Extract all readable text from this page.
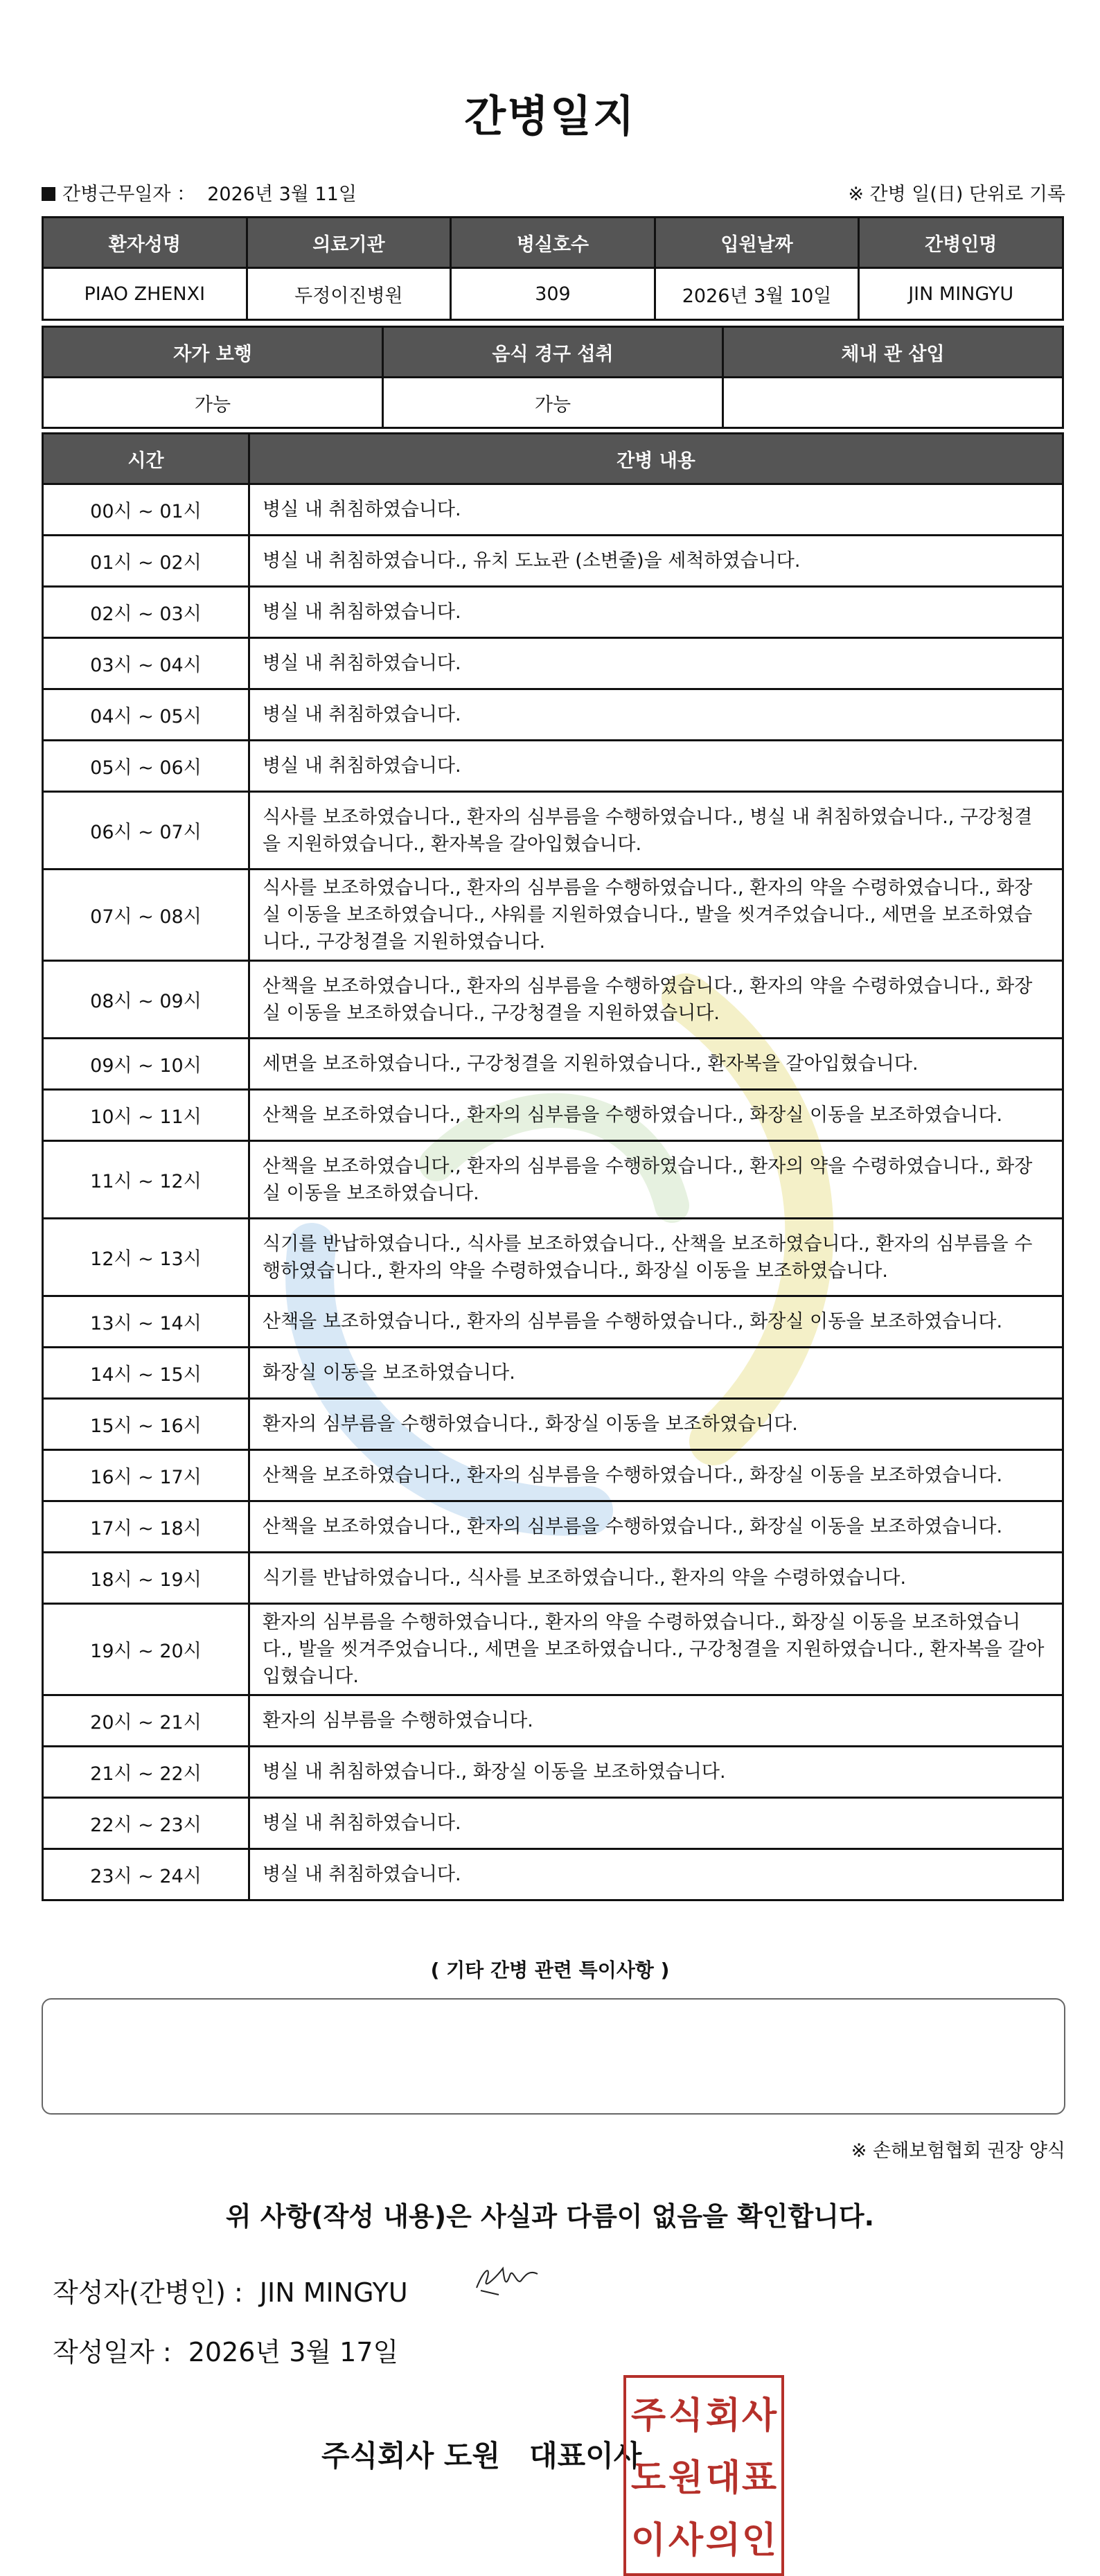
간병일지
간병근무일자 ： 2026년 3월 11일	※ 간병 일(日) 단위로 기록
환자성명	의료기관	병실호수	입원날짜	간병인명
PIAO ZHENXI	두정이진병원	309	2026년 3월 10일	JIN MINGYU
자가 보행	음식 경구 섭취	체내 관 삽입
가능	가능	
시간	간병 내용
00시 ~ 01시	병실 내 취침하였습니다.
01시 ~ 02시	병실 내 취침하였습니다., 유치 도뇨관 (소변줄)을 세척하였습니다.
02시 ~ 03시	병실 내 취침하였습니다.
03시 ~ 04시	병실 내 취침하였습니다.
04시 ~ 05시	병실 내 취침하였습니다.
05시 ~ 06시	병실 내 취침하였습니다.
06시 ~ 07시	식사를 보조하였습니다., 환자의 심부름을 수행하였습니다., 병실 내 취침하였습니다., 구강청결을 지원하였습니다., 환자복을 갈아입혔습니다.
07시 ~ 08시	식사를 보조하였습니다., 환자의 심부름을 수행하였습니다., 환자의 약을 수령하였습니다., 화장실 이동을 보조하였습니다., 샤워를 지원하였습니다., 발을 씻겨주었습니다., 세면을 보조하였습니다., 구강청결을 지원하였습니다.
08시 ~ 09시	산책을 보조하였습니다., 환자의 심부름을 수행하였습니다., 환자의 약을 수령하였습니다., 화장실 이동을 보조하였습니다., 구강청결을 지원하였습니다.
09시 ~ 10시	세면을 보조하였습니다., 구강청결을 지원하였습니다., 환자복을 갈아입혔습니다.
10시 ~ 11시	산책을 보조하였습니다., 환자의 심부름을 수행하였습니다., 화장실 이동을 보조하였습니다.
11시 ~ 12시	산책을 보조하였습니다., 환자의 심부름을 수행하였습니다., 환자의 약을 수령하였습니다., 화장실 이동을 보조하였습니다.
12시 ~ 13시	식기를 반납하였습니다., 식사를 보조하였습니다., 산책을 보조하였습니다., 환자의 심부름을 수행하였습니다., 환자의 약을 수령하였습니다., 화장실 이동을 보조하였습니다.
13시 ~ 14시	산책을 보조하였습니다., 환자의 심부름을 수행하였습니다., 화장실 이동을 보조하였습니다.
14시 ~ 15시	화장실 이동을 보조하였습니다.
15시 ~ 16시	환자의 심부름을 수행하였습니다., 화장실 이동을 보조하였습니다.
16시 ~ 17시	산책을 보조하였습니다., 환자의 심부름을 수행하였습니다., 화장실 이동을 보조하였습니다.
17시 ~ 18시	산책을 보조하였습니다., 환자의 심부름을 수행하였습니다., 화장실 이동을 보조하였습니다.
18시 ~ 19시	식기를 반납하였습니다., 식사를 보조하였습니다., 환자의 약을 수령하였습니다.
19시 ~ 20시	환자의 심부름을 수행하였습니다., 환자의 약을 수령하였습니다., 화장실 이동을 보조하였습니다., 발을 씻겨주었습니다., 세면을 보조하였습니다., 구강청결을 지원하였습니다., 환자복을 갈아입혔습니다.
20시 ~ 21시	환자의 심부름을 수행하였습니다.
21시 ~ 22시	병실 내 취침하였습니다., 화장실 이동을 보조하였습니다.
22시 ~ 23시	병실 내 취침하였습니다.
23시 ~ 24시	병실 내 취침하였습니다.
( 기타 간병 관련 특이사항 )
※ 손해보험협회 권장 양식
위 사항(작성 내용)은 사실과 다름이 없음을 확인합니다.
작성자(간병인) : JIN MINGYU
작성일자 : 2026년 3월 17일
주식회사 도원　대표이사
주 식 회 사
도 원 대 표
이 사 의 인
